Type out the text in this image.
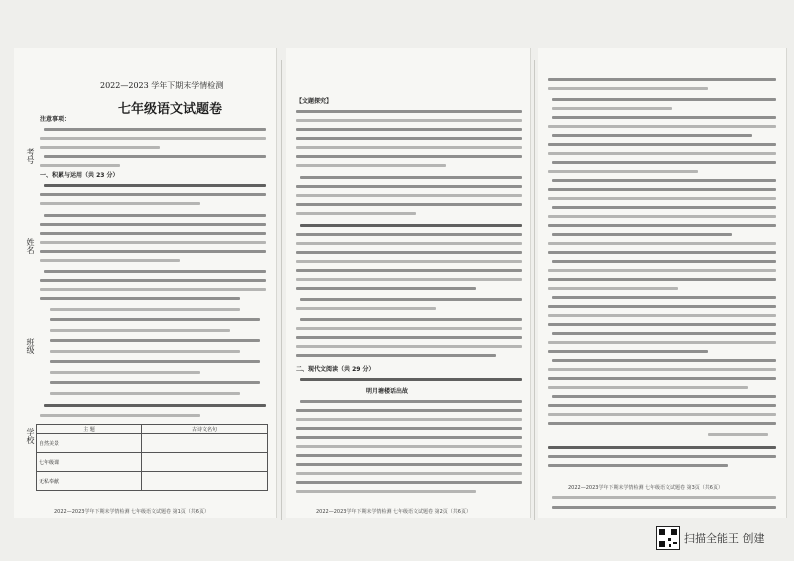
考号
姓名
班级
学校
2022—2023 学年下期末学情检测
七年级语文试题卷
注意事项：
一、积累与运用（共 23 分）
主 题	古诗文名句
自然美景	
七年级课	
无私奉献	
2022—2023学年下期末学情检测 七年级语文试题卷 第1页（共6页）
【文题探究】
二、现代文阅读（共 29 分）
明月塘楼话出故
2022—2023学年下期末学情检测 七年级语文试题卷 第2页（共6页）
2022—2023学年下期末学情检测 七年级语文试题卷 第3页（共6页）
扫描全能王 创建
